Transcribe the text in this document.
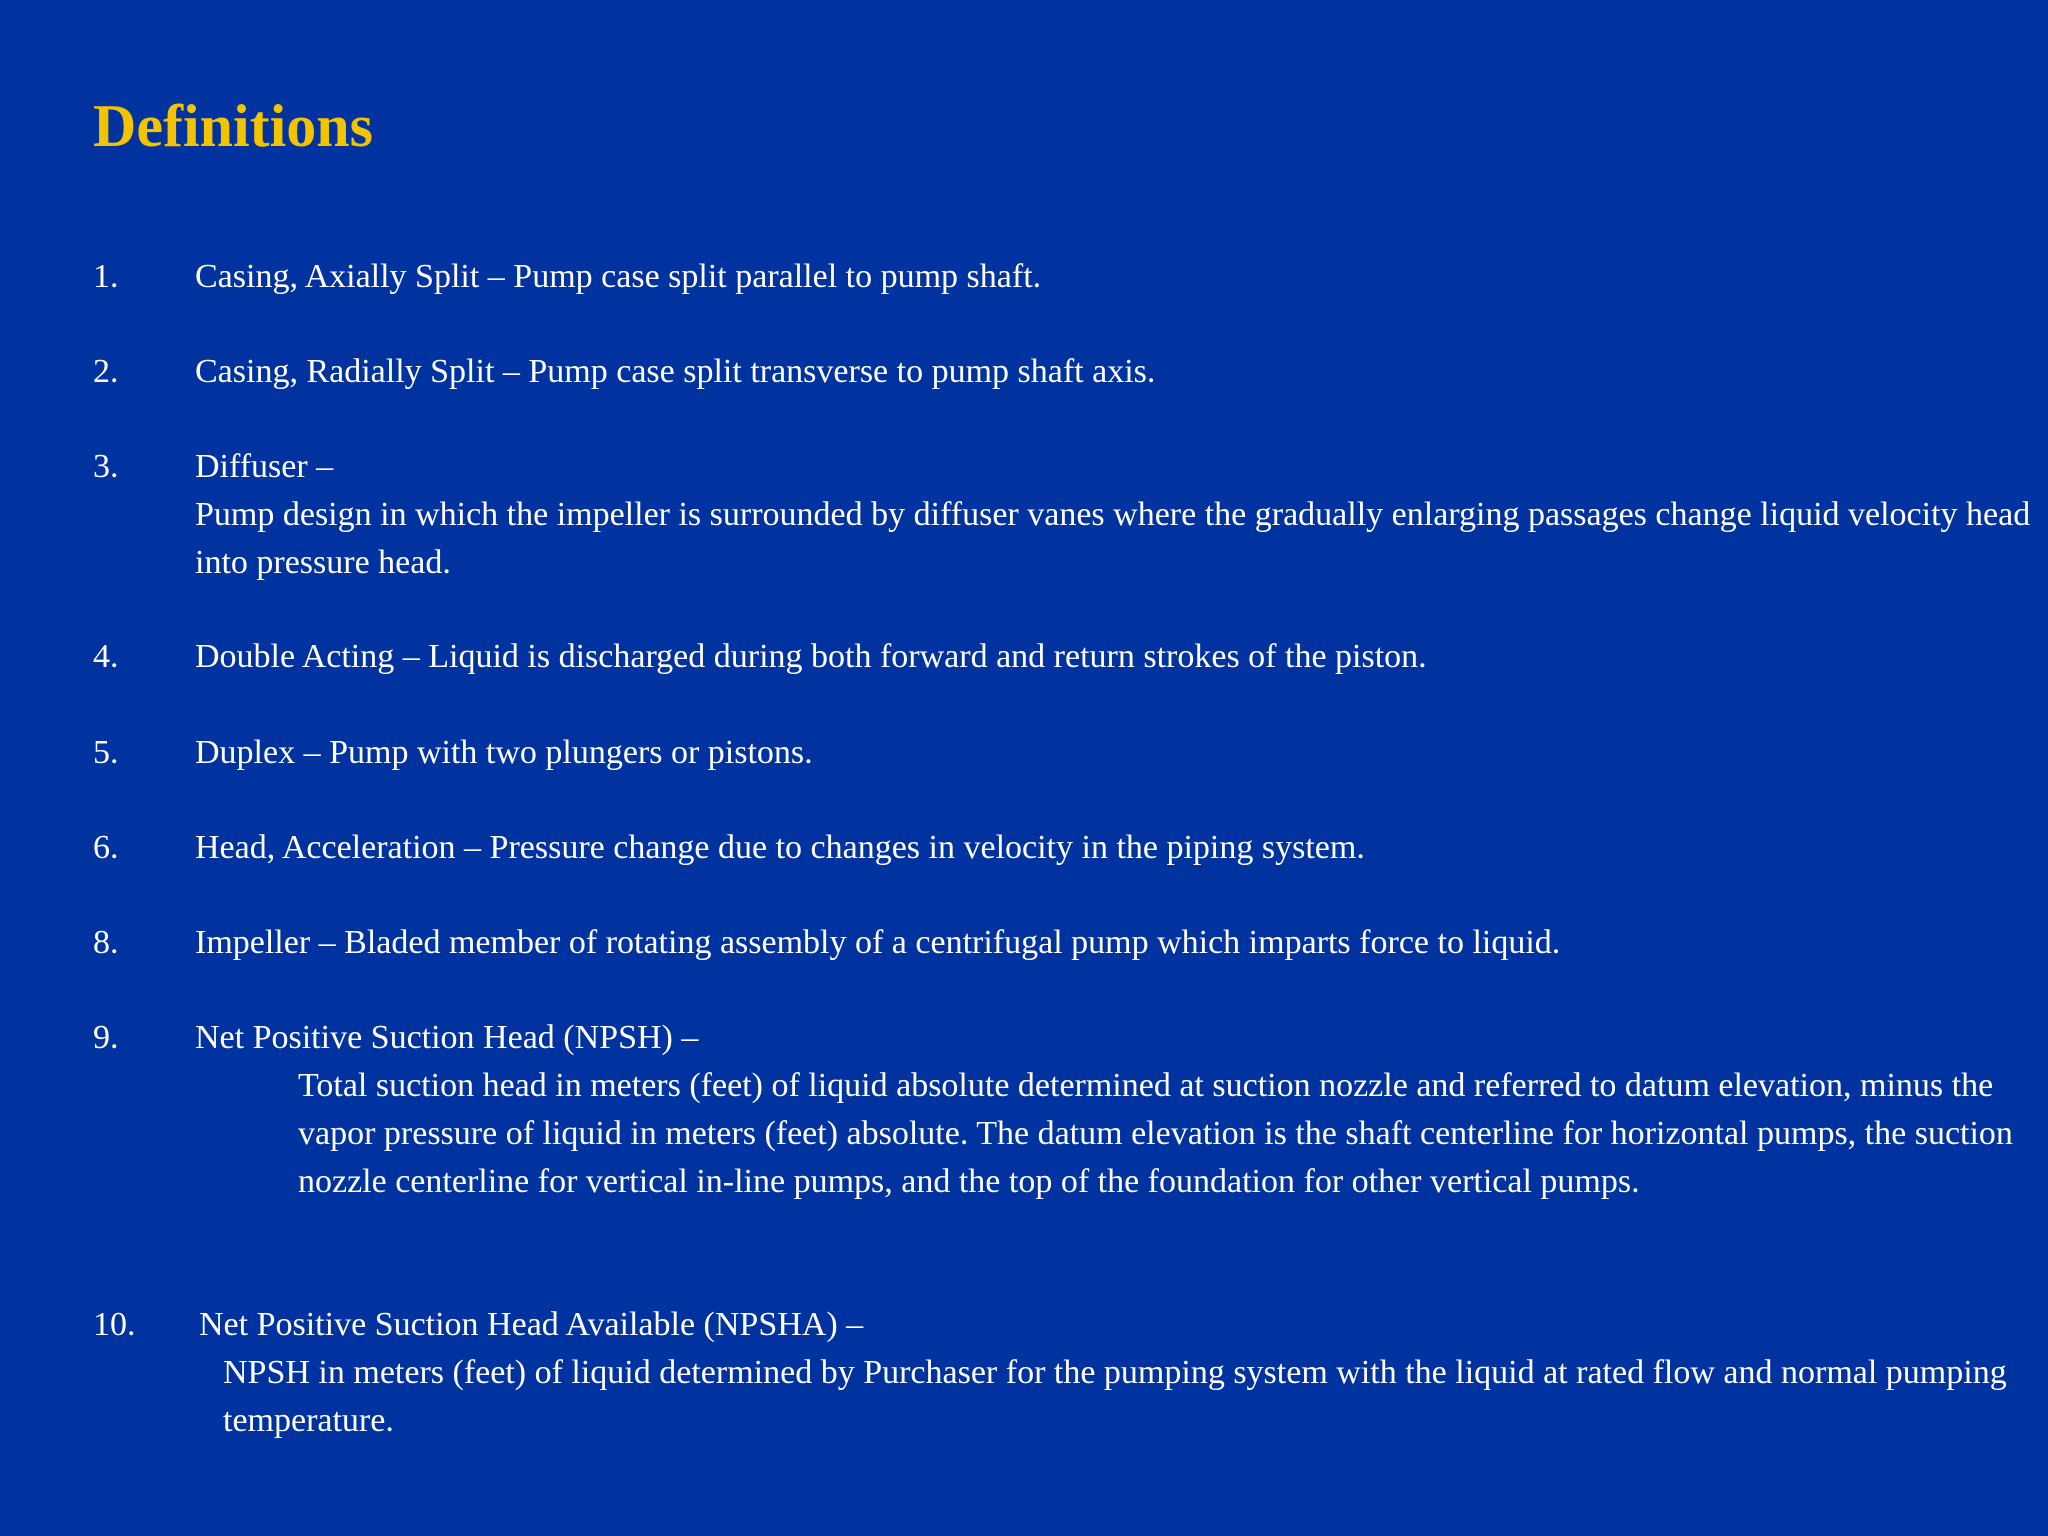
Definitions
1. Casing, Axially Split – Pump case split parallel to pump shaft.
2. Casing, Radially Split – Pump case split transverse to pump shaft axis.
3. Diffuser –
Pump design in which the impeller is surrounded by diffuser vanes where the gradually enlarging passages change liquid velocity head into pressure head.
4. Double Acting – Liquid is discharged during both forward and return strokes of the piston.
5. Duplex – Pump with two plungers or pistons.
6. Head, Acceleration – Pressure change due to changes in velocity in the piping system.
8. Impeller – Bladed member of rotating assembly of a centrifugal pump which imparts force to liquid.
9. Net Positive Suction Head (NPSH) –
Total suction head in meters (feet) of liquid absolute determined at suction nozzle and referred to datum elevation, minus the vapor pressure of liquid in meters (feet) absolute. The datum elevation is the shaft centerline for horizontal pumps, the suction nozzle centerline for vertical in-line pumps, and the top of the foundation for other vertical pumps.
10. Net Positive Suction Head Available (NPSHA) –
NPSH in meters (feet) of liquid determined by Purchaser for the pumping system with the liquid at rated flow and normal pumping temperature.
